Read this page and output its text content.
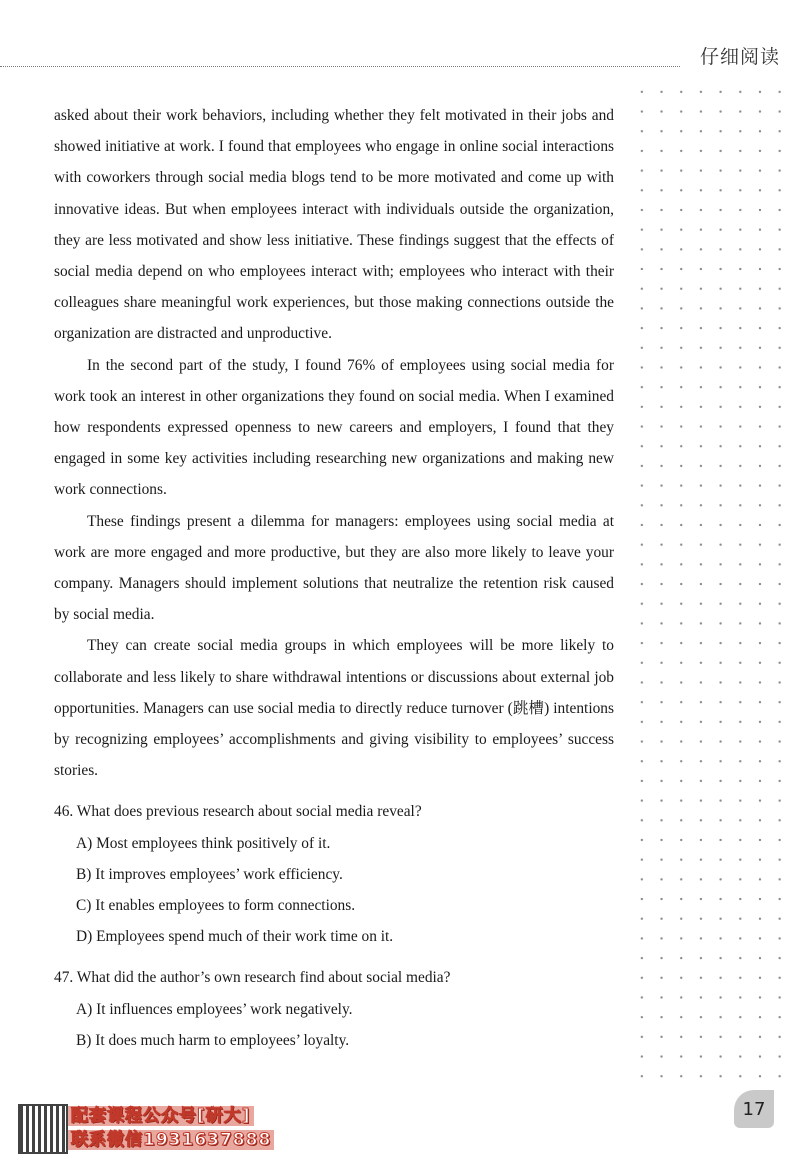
仔细阅读

asked about their work behaviors, including whether they felt motivated in their jobs and showed initiative at work. I found that employees who engage in online social interactions with coworkers through social media blogs tend to be more motivated and come up with innovative ideas. But when employees interact with individuals outside the organization, they are less motivated and show less initiative. These findings suggest that the effects of social media depend on who employees interact with; employees who interact with their colleagues share meaningful work experiences, but those making connections outside the organization are distracted and unproductive.

In the second part of the study, I found 76% of employees using social media for work took an interest in other organizations they found on social media. When I examined how respondents expressed openness to new careers and employers, I found that they engaged in some key activities including researching new organizations and making new work connections.

These findings present a dilemma for managers: employees using social media at work are more engaged and more productive, but they are also more likely to leave your company. Managers should implement solutions that neutralize the retention risk caused by social media.

They can create social media groups in which employees will be more likely to collaborate and less likely to share withdrawal intentions or discussions about external job opportunities. Managers can use social media to directly reduce turnover (跳槽) intentions by recognizing employees’ accomplishments and giving visibility to employees’ success stories.

46. What does previous research about social media reveal?

A) Most employees think positively of it.

B) It improves employees’ work efficiency.

C) It enables employees to form connections.

D) Employees spend much of their work time on it.

47. What did the author’s own research find about social media?

A) It influences employees’ work negatively.

B) It does much harm to employees’ loyalty.

17
配套课程公众号[研大]
联系微信1931637888
